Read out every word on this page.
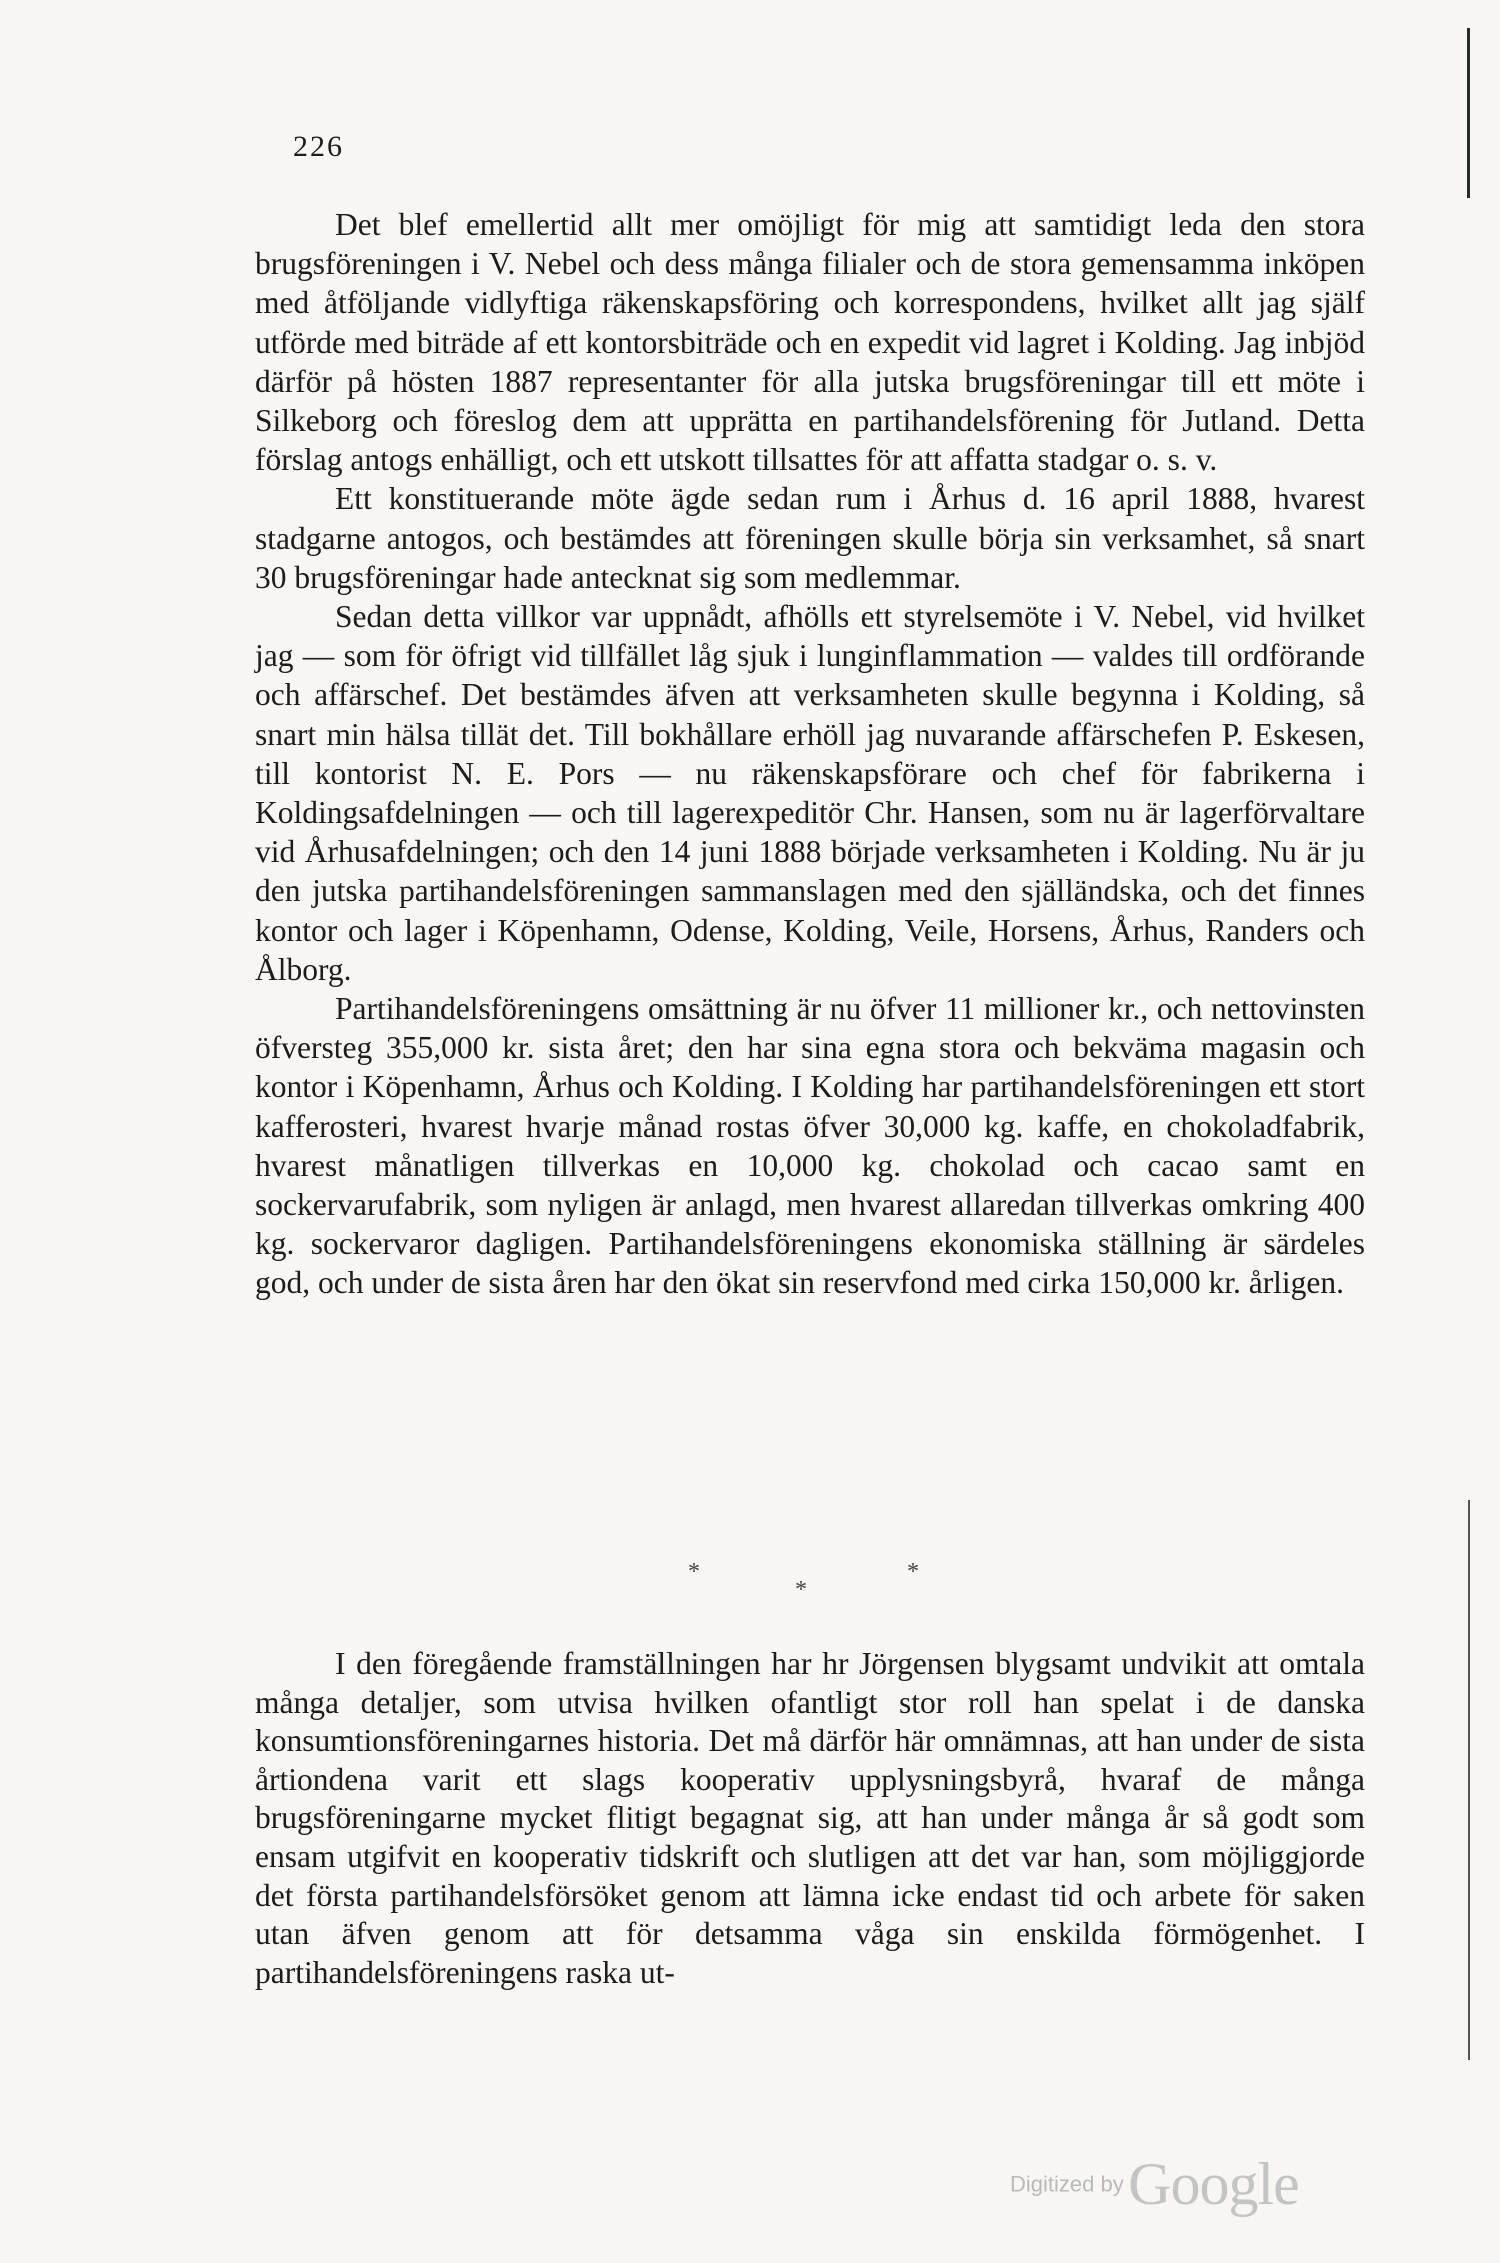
226

Det blef emellertid allt mer omöjligt för mig att samtidigt leda den stora brugsföreningen i V. Nebel och dess många filialer och de stora gemensamma inköpen med åtföljande vidlyftiga räkenskapsföring och korrespondens, hvilket allt jag själf utförde med biträde af ett kontorsbiträde och en expedit vid lagret i Kolding. Jag inbjöd därför på hösten 1887 representanter för alla jutska brugsföreningar till ett möte i Silkeborg och föreslog dem att upprätta en partihandelsförening för Jutland. Detta förslag antogs enhälligt, och ett utskott tillsattes för att affatta stadgar o. s. v.

Ett konstituerande möte ägde sedan rum i Århus d. 16 april 1888, hvarest stadgarne antogos, och bestämdes att föreningen skulle börja sin verksamhet, så snart 30 brugsföreningar hade antecknat sig som medlemmar.

Sedan detta villkor var uppnådt, afhölls ett styrelsemöte i V. Nebel, vid hvilket jag — som för öfrigt vid tillfället låg sjuk i lunginflammation — valdes till ordförande och affärschef. Det bestämdes äfven att verksamheten skulle begynna i Kolding, så snart min hälsa tillät det. Till bokhållare erhöll jag nuvarande affärschefen P. Eskesen, till kontorist N. E. Pors — nu räkenskapsförare och chef för fabrikerna i Koldingsafdelningen — och till lagerexpeditör Chr. Hansen, som nu är lagerförvaltare vid Århusafdelningen; och den 14 juni 1888 började verksamheten i Kolding. Nu är ju den jutska partihandelsföreningen sammanslagen med den själländska, och det finnes kontor och lager i Köpenhamn, Odense, Kolding, Veile, Horsens, Århus, Randers och Ålborg.

Partihandelsföreningens omsättning är nu öfver 11 millioner kr., och nettovinsten öfversteg 355,000 kr. sista året; den har sina egna stora och bekväma magasin och kontor i Köpenhamn, Århus och Kolding. I Kolding har partihandelsföreningen ett stort kafferosteri, hvarest hvarje månad rostas öfver 30,000 kg. kaffe, en chokoladfabrik, hvarest månatligen tillverkas en 10,000 kg. chokolad och cacao samt en sockervarufabrik, som nyligen är anlagd, men hvarest allaredan tillverkas omkring 400 kg. sockervaror dagligen. Partihandelsföreningens ekonomiska ställning är särdeles god, och under de sista åren har den ökat sin reservfond med cirka 150,000 kr. årligen.

*
*
*

I den föregående framställningen har hr Jörgensen blygsamt undvikit att omtala många detaljer, som utvisa hvilken ofantligt stor roll han spelat i de danska konsumtionsföreningarnes historia. Det må därför här omnämnas, att han under de sista årtiondena varit ett slags kooperativ upplysningsbyrå, hvaraf de många brugsföreningarne mycket flitigt begagnat sig, att han under många år så godt som ensam utgifvit en kooperativ tidskrift och slutligen att det var han, som möjliggjorde det första partihandelsförsöket genom att lämna icke endast tid och arbete för saken utan äfven genom att för detsamma våga sin enskilda förmögenhet. I partihandelsföreningens raska ut-

Digitized by Google
